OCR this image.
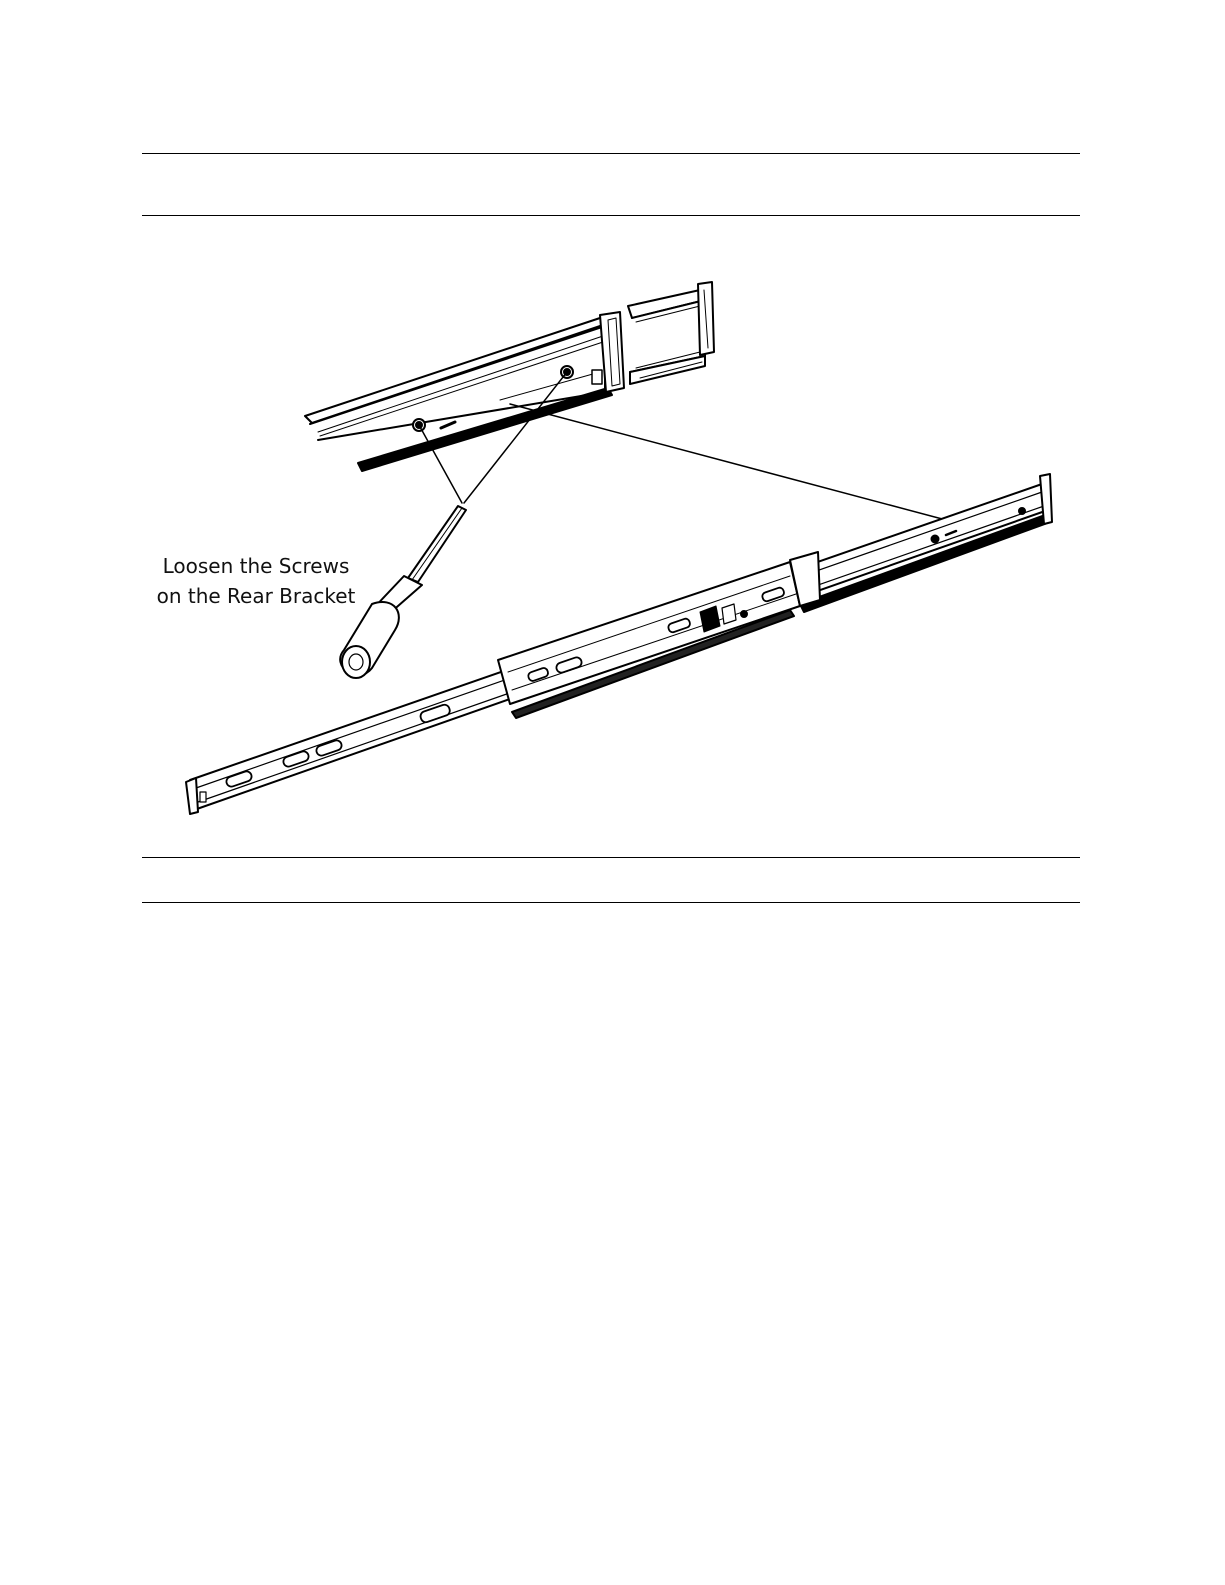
Loosen the Screws
on the Rear Bracket
